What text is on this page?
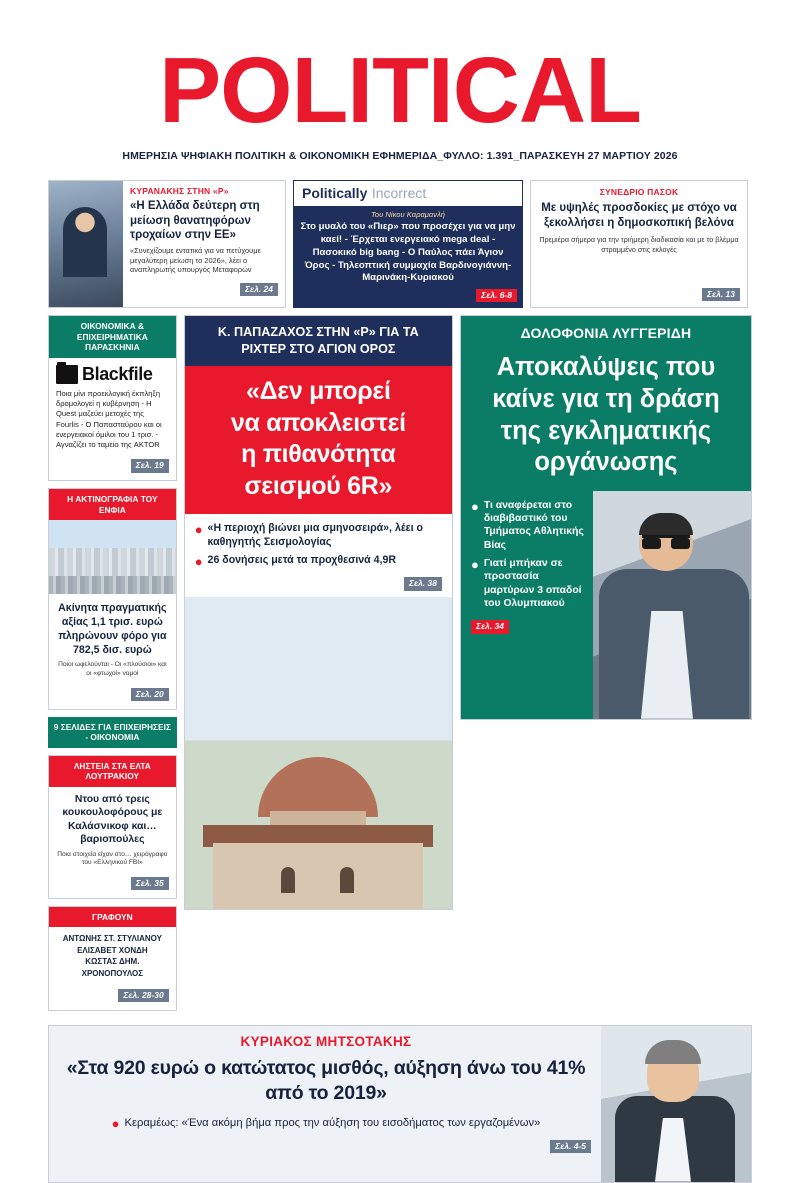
POLITICAL
ΗΜΕΡΗΣΙΑ ΨΗΦΙΑΚΗ ΠΟΛΙΤΙΚΗ & ΟΙΚΟΝΟΜΙΚΗ ΕΦΗΜΕΡΙΔΑ_ΦΥΛΛΟ: 1.391_ΠΑΡΑΣΚΕΥΗ 27 ΜΑΡΤΙΟΥ 2026
ΚΥΡΑΝΑΚΗΣ ΣΤΗΝ «Ρ»
«Η Ελλάδα δεύτερη στη μείωση θανατηφόρων τροχαίων στην ΕΕ»
«Συνεχίζουμε εντατικά για να πετύχουμε μεγαλύτερη μείωση το 2026», λέει ο αναπληρωτής υπουργός Μεταφορών
Σελ. 24
Politically Incorrect
Του Νίκου Καραμανλή
Στο μυαλό του «Πιερ» που προσέχει για να μην καεί! - Έρχεται ενεργειακό mega deal -
Πασοκικό big bang - Ο Παύλος πάει Άγιον Όρος - Τηλεοπτική συμμαχία Βαρδινογιάννη-Μαρινάκη-Κυριακού
Σελ. 6-8
ΣΥΝΕΔΡΙΟ ΠΑΣΟΚ
Με υψηλές προσδοκίες με στόχο να ξεκολλήσει η δημοσκοπική βελόνα
Πρεμιέρα σήμερα για την τριήμερη διαδικασία και με το βλέμμα στραμμένο στις εκλογές
Σελ. 13
ΟΙΚΟΝΟΜΙΚΑ & ΕΠΙΧΕΙΡΗΜΑΤΙΚΑ ΠΑΡΑΣΚΗΝΙΑ
Blackfile

Ποια μίνι προεκλογική έκπληξη δρομολογεί η κυβέρνηση - Η Quest μαζεύει μετοχές της Fourlis - Ο Παπασταύρου και οι ενεργειακοί όμιλοι του 1 τρισ. - Αγναζίζει το ταμείο της AKTOR

Σελ. 19
Η ΑΚΤΙΝΟΓΡΑΦΙΑ ΤΟΥ ΕΝΦΙΑ
Ακίνητα πραγματικής αξίας 1,1 τρισ. ευρώ πληρώνουν φόρο για 782,5 δισ. ευρώ
Ποιοι ωφελούνται - Οι «πλούσιοι» και οι «φτωχοί» νομοί
Σελ. 20
9 ΣΕΛΙΔΕΣ ΓΙΑ ΕΠΙΧΕΙΡΗΣΕΙΣ - ΟΙΚΟΝΟΜΙΑ
ΛΗΣΤΕΙΑ ΣΤΑ ΕΛΤΑ ΛΟΥΤΡΑΚΙΟΥ
Ντου από τρεις κουκουλοφόρους με Καλάσνικοφ και… βαριοπούλες
Ποια στοιχεία είχαν στο… χειρόγραφο του «Ελληνικού FBI»
Σελ. 35
ΓΡΑΦΟΥΝ
ΑΝΤΩΝΗΣ ΣΤ. ΣΤΥΛΙΑΝΟΥ
ΕΛΙΣΑΒΕΤ ΧΟΝΔΗ
ΚΩΣΤΑΣ ΔΗΜ. ΧΡΟΝΟΠΟΥΛΟΣ
Σελ. 28-30
Κ. ΠΑΠΑΖΑΧΟΣ ΣΤΗΝ «Ρ» ΓΙΑ ΤΑ ΡΙΧΤΕΡ ΣΤΟ ΑΓΙΟΝ ΟΡΟΣ
«Δεν μπορεί
να αποκλειστεί
η πιθανότητα
σεισμού 6R»
● «Η περιοχή βιώνει μια σμηνοσειρά», λέει ο καθηγητής Σεισμολογίας
● 26 δονήσεις μετά τα προχθεσινά 4,9R
Σελ. 38
ΔΟΛΟΦΟΝΙΑ ΛΥΓΓΕΡΙΔΗ
Αποκαλύψεις που
καίνε για τη δράση
της εγκληματικής
οργάνωσης
● Τι αναφέρεται στο διαβιβαστικό του Τμήματος Αθλητικής Βίας
● Γιατί μπήκαν σε προστασία μαρτύρων 3 οπαδοί του Ολυμπιακού
Σελ. 34
ΚΥΡΙΑΚΟΣ ΜΗΤΣΟΤΑΚΗΣ
«Στα 920 ευρώ ο κατώτατος μισθός, αύξηση άνω του 41% από το 2019»
● Κεραμέως: «Ένα ακόμη βήμα προς την αύξηση του εισοδήματος των εργαζομένων»
Σελ. 4-5
